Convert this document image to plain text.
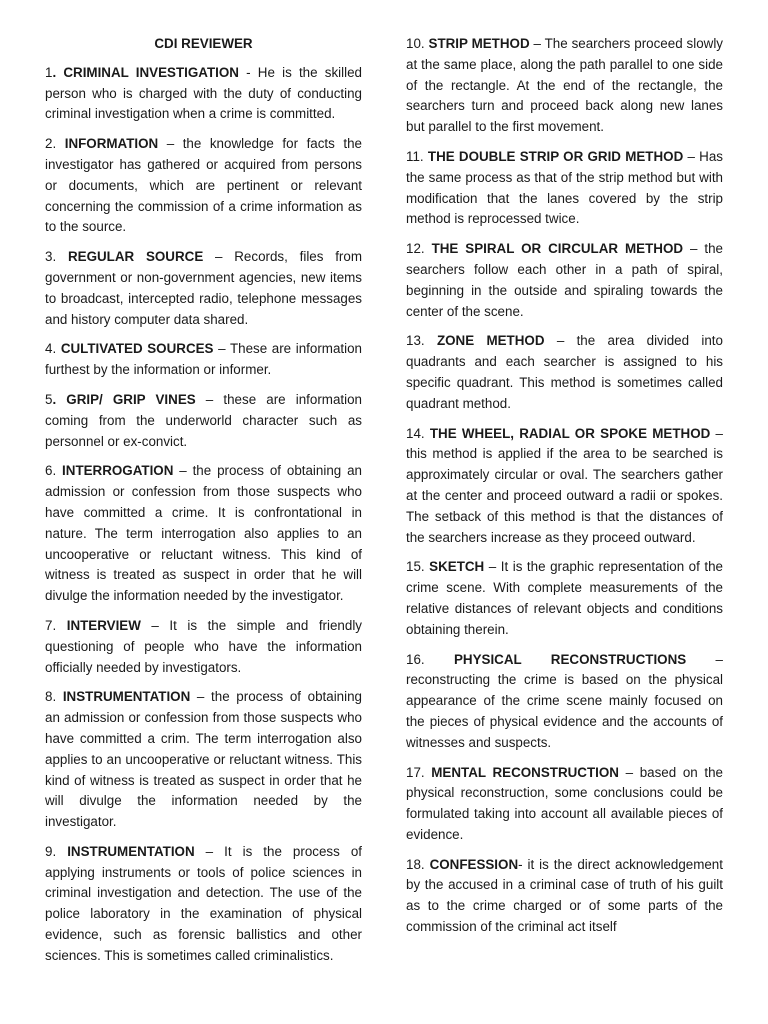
CDI REVIEWER

1. CRIMINAL INVESTIGATION - He is the skilled person who is charged with the duty of conducting criminal investigation when a crime is committed.

2. INFORMATION – the knowledge for facts the investigator has gathered or acquired from persons or documents, which are pertinent or relevant concerning the commission of a crime information as to the source.

3. REGULAR SOURCE – Records, files from government or non-government agencies, new items to broadcast, intercepted radio, telephone messages and history computer data shared.

4. CULTIVATED SOURCES – These are information furthest by the information or informer.

5. GRIP/ GRIP VINES – these are information coming from the underworld character such as personnel or ex-convict.

6. INTERROGATION – the process of obtaining an admission or confession from those suspects who have committed a crime. It is confrontational in nature. The term interrogation also applies to an uncooperative or reluctant witness. This kind of witness is treated as suspect in order that he will divulge the information needed by the investigator.

7. INTERVIEW – It is the simple and friendly questioning of people who have the information officially needed by investigators.

8. INSTRUMENTATION – the process of obtaining an admission or confession from those suspects who have committed a crim. The term interrogation also applies to an uncooperative or reluctant witness. This kind of witness is treated as suspect in order that he will divulge the information needed by the investigator.

9. INSTRUMENTATION – It is the process of applying instruments or tools of police sciences in criminal investigation and detection. The use of the police laboratory in the examination of physical evidence, such as forensic ballistics and other sciences. This is sometimes called criminalistics.

10. STRIP METHOD – The searchers proceed slowly at the same place, along the path parallel to one side of the rectangle. At the end of the rectangle, the searchers turn and proceed back along new lanes but parallel to the first movement.

11. THE DOUBLE STRIP OR GRID METHOD – Has the same process as that of the strip method but with modification that the lanes covered by the strip method is reprocessed twice.

12. THE SPIRAL OR CIRCULAR METHOD – the searchers follow each other in a path of spiral, beginning in the outside and spiraling towards the center of the scene.

13. ZONE METHOD – the area divided into quadrants and each searcher is assigned to his specific quadrant. This method is sometimes called quadrant method.

14. THE WHEEL, RADIAL OR SPOKE METHOD – this method is applied if the area to be searched is approximately circular or oval. The searchers gather at the center and proceed outward a radii or spokes. The setback of this method is that the distances of the searchers increase as they proceed outward.

15. SKETCH – It is the graphic representation of the crime scene. With complete measurements of the relative distances of relevant objects and conditions obtaining therein.

16. PHYSICAL RECONSTRUCTIONS – reconstructing the crime is based on the physical appearance of the crime scene mainly focused on the pieces of physical evidence and the accounts of witnesses and suspects.

17. MENTAL RECONSTRUCTION – based on the physical reconstruction, some conclusions could be formulated taking into account all available pieces of evidence.

18. CONFESSION- it is the direct acknowledgement by the accused in a criminal case of truth of his guilt as to the crime charged or of some parts of the commission of the criminal act itself
